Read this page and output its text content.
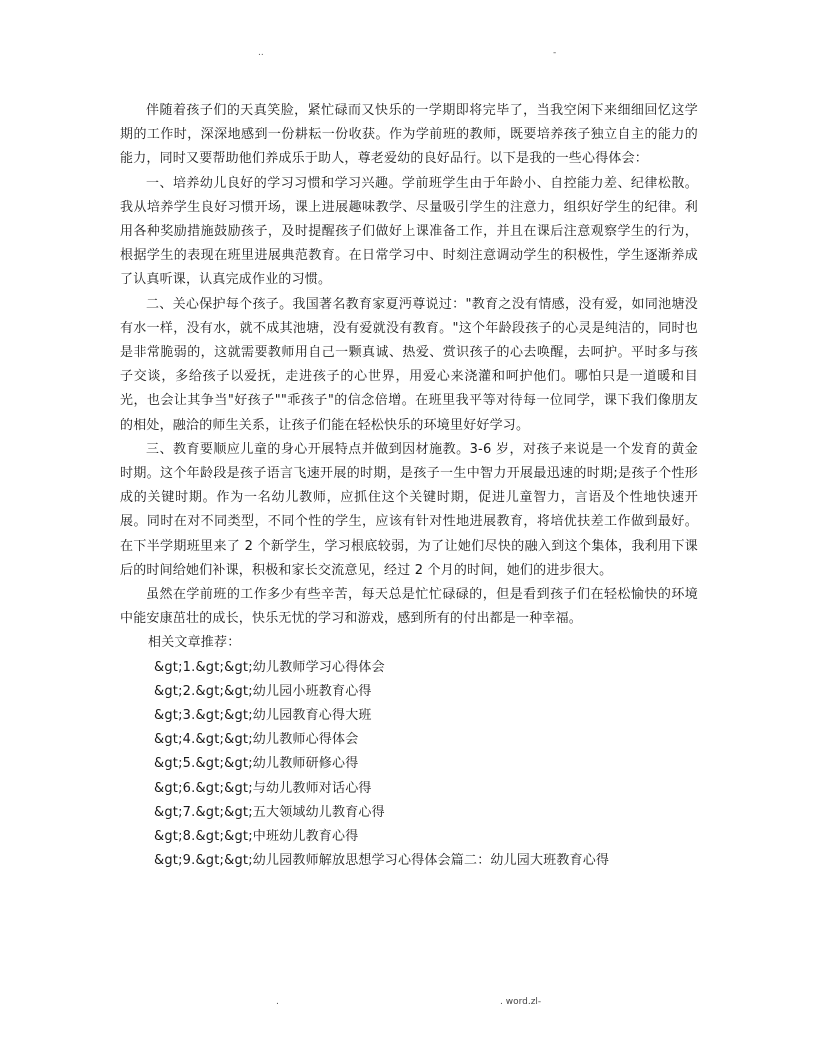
..	-

伴随着孩子们的天真笑脸，紧忙碌而又快乐的一学期即将完毕了，当我空闲下来细细回忆这学期的工作时，深深地感到一份耕耘一份收获。作为学前班的教师，既要培养孩子独立自主的能力的能力，同时又要帮助他们养成乐于助人，尊老爱幼的良好品行。以下是我的一些心得体会：

一、培养幼儿良好的学习习惯和学习兴趣。学前班学生由于年龄小、自控能力差、纪律松散。我从培养学生良好习惯开场，课上进展趣味教学、尽量吸引学生的注意力，组织好学生的纪律。利用各种奖励措施鼓励孩子，及时提醒孩子们做好上课准备工作，并且在课后注意观察学生的行为，根据学生的表现在班里进展典范教育。在日常学习中、时刻注意调动学生的积极性，学生逐渐养成了认真听课，认真完成作业的习惯。

二、关心保护每个孩子。我国著名教育家夏沔尊说过："教育之没有情感，没有爱，如同池塘没有水一样，没有水，就不成其池塘，没有爱就没有教育。"这个年龄段孩子的心灵是纯洁的，同时也是非常脆弱的，这就需要教师用自己一颗真诚、热爱、赏识孩子的心去唤醒，去呵护。平时多与孩子交谈，多给孩子以爱抚，走进孩子的心世界，用爱心来浇灌和呵护他们。哪怕只是一道暖和目光，也会让其争当"好孩子""乖孩子"的信念倍增。在班里我平等对待每一位同学，课下我们像朋友的相处，融洽的师生关系，让孩子们能在轻松快乐的环境里好好学习。

三、教育要顺应儿童的身心开展特点并做到因材施教。3-6 岁，对孩子来说是一个发育的黄金时期。这个年龄段是孩子语言飞速开展的时期，是孩子一生中智力开展最迅速的时期;是孩子个性形成的关键时期。作为一名幼儿教师，应抓住这个关键时期，促进儿童智力，言语及个性地快速开展。同时在对不同类型，不同个性的学生，应该有针对性地进展教育，将培优扶差工作做到最好。在下半学期班里来了 2 个新学生，学习根底较弱，为了让她们尽快的融入到这个集体，我利用下课后的时间给她们补课，积极和家长交流意见，经过 2 个月的时间，她们的进步很大。

虽然在学前班的工作多少有些辛苦，每天总是忙忙碌碌的，但是看到孩子们在轻松愉快的环境中能安康茁壮的成长，快乐无忧的学习和游戏，感到所有的付出都是一种幸福。

相关文章推荐：
&gt;1.&gt;&gt;幼儿教师学习心得体会
&gt;2.&gt;&gt;幼儿园小班教育心得
&gt;3.&gt;&gt;幼儿园教育心得大班
&gt;4.&gt;&gt;幼儿教师心得体会
&gt;5.&gt;&gt;幼儿教师研修心得
&gt;6.&gt;&gt;与幼儿教师对话心得
&gt;7.&gt;&gt;五大领域幼儿教育心得
&gt;8.&gt;&gt;中班幼儿教育心得
&gt;9.&gt;&gt;幼儿园教师解放思想学习心得体会篇二：幼儿园大班教育心得
.	. word.zl-
